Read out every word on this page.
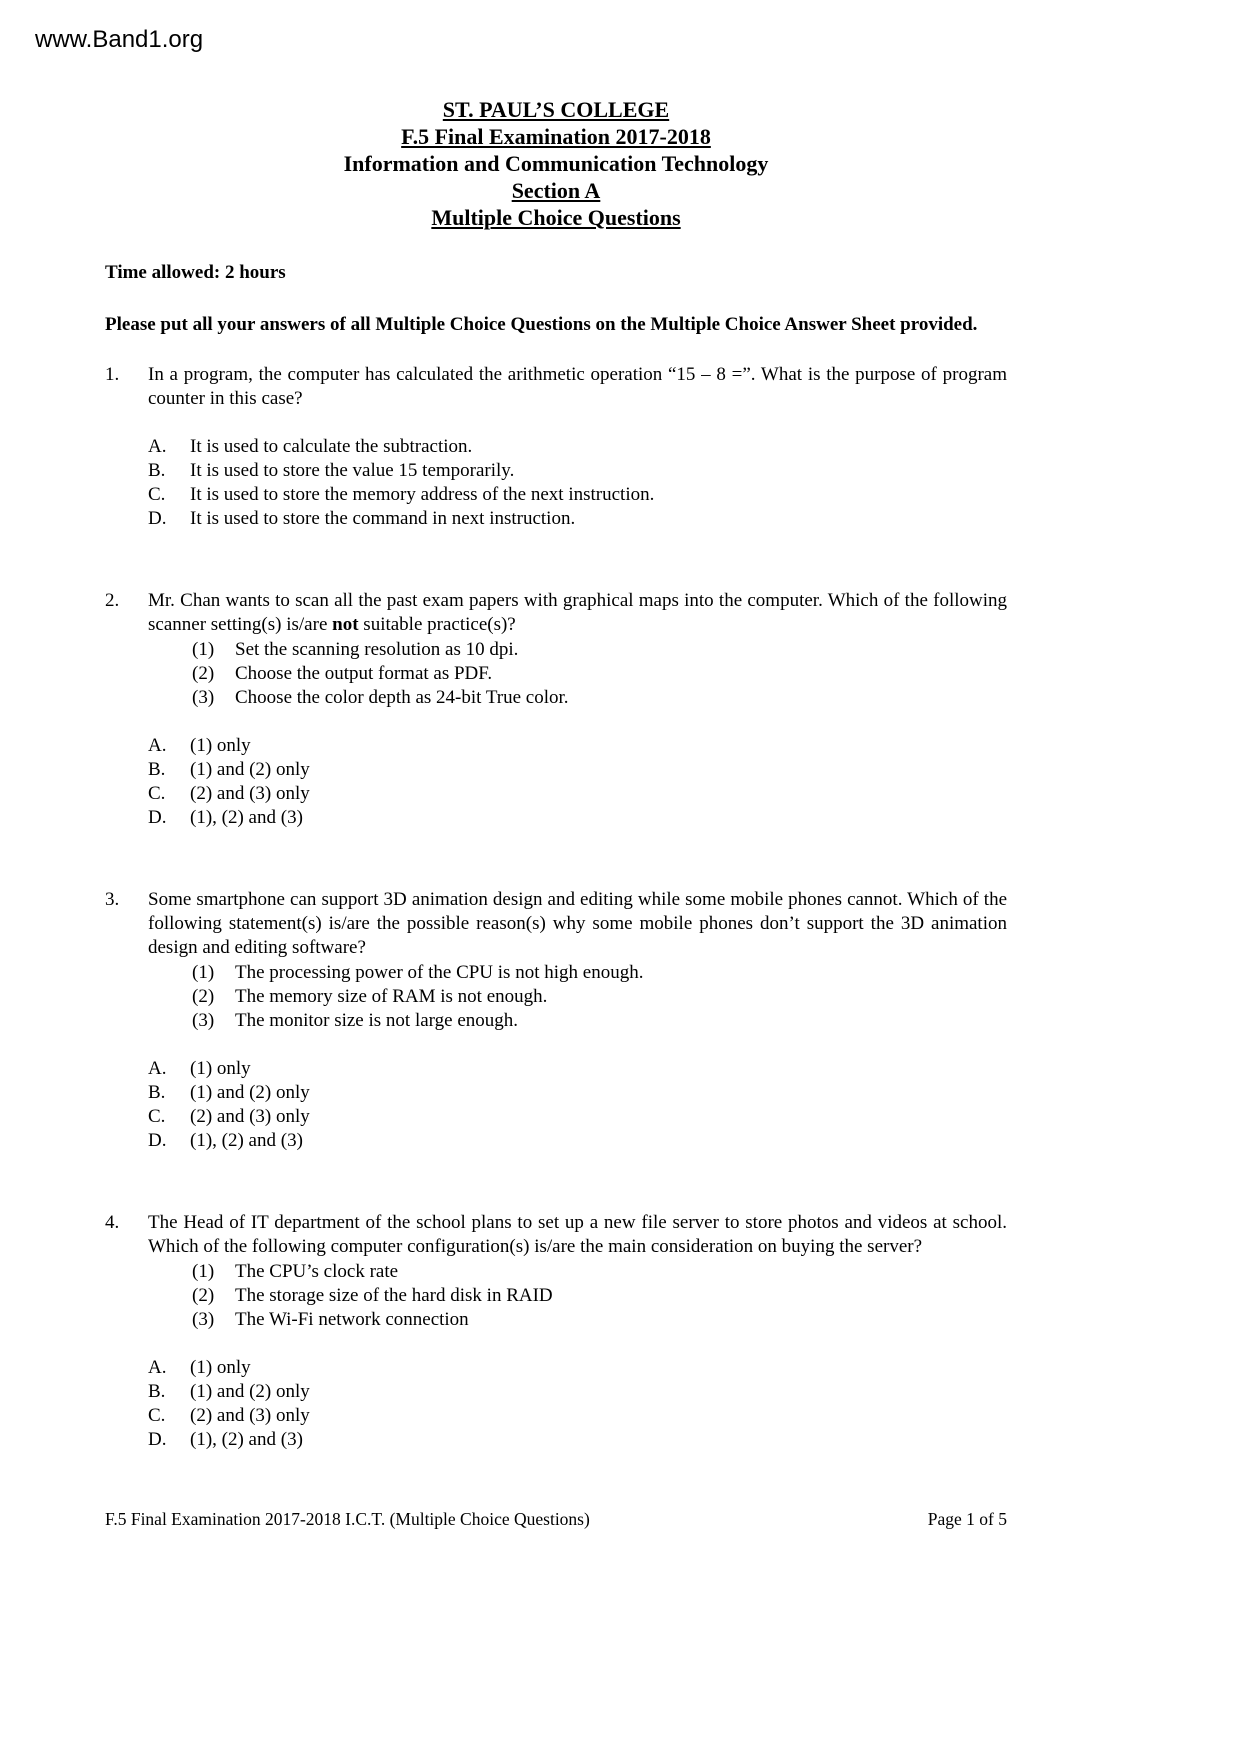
www.Band1.org
ST. PAUL’S COLLEGE
F.5 Final Examination 2017-2018
Information and Communication Technology
Section A
Multiple Choice Questions

Time allowed: 2 hours

Please put all your answers of all Multiple Choice Questions on the Multiple Choice Answer Sheet provided.

1.	In a program, the computer has calculated the arithmetic operation “15 – 8 =”. What is the purpose of program counter in this case?

A.	It is used to calculate the subtraction.
B.	It is used to store the value 15 temporarily.
C.	It is used to store the memory address of the next instruction.
D.	It is used to store the command in next instruction.
2.	Mr. Chan wants to scan all the past exam papers with graphical maps into the computer. Which of the following scanner setting(s) is/are not suitable practice(s)?

(1)	Set the scanning resolution as 10 dpi.
(2)	Choose the output format as PDF.
(3)	Choose the color depth as 24-bit True color.
A.	(1) only
B.	(1) and (2) only
C.	(2) and (3) only
D.	(1), (2) and (3)
3.	Some smartphone can support 3D animation design and editing while some mobile phones cannot. Which of the following statement(s) is/are the possible reason(s) why some mobile phones don’t support the 3D animation design and editing software?

(1)	The processing power of the CPU is not high enough.
(2)	The memory size of RAM is not enough.
(3)	The monitor size is not large enough.
A.	(1) only
B.	(1) and (2) only
C.	(2) and (3) only
D.	(1), (2) and (3)
4.	The Head of IT department of the school plans to set up a new file server to store photos and videos at school. Which of the following computer configuration(s) is/are the main consideration on buying the server?

(1)	The CPU’s clock rate
(2)	The storage size of the hard disk in RAID
(3)	The Wi-Fi network connection
A.	(1) only
B.	(1) and (2) only
C.	(2) and (3) only
D.	(1), (2) and (3)
F.5 Final Examination 2017-2018 I.C.T. (Multiple Choice Questions)	Page 1 of 5
